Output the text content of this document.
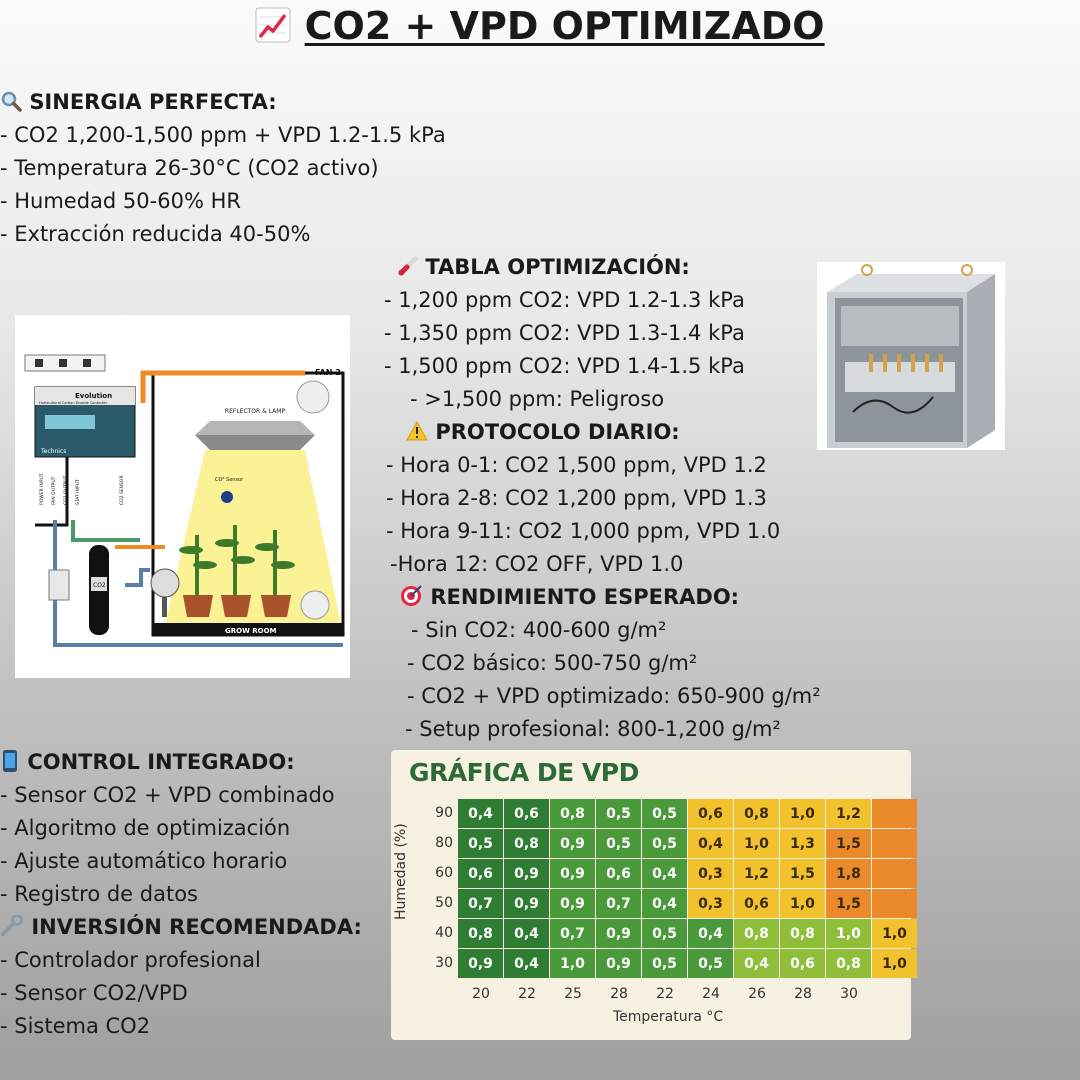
CO2 + VPD OPTIMIZADO
SINERGIA PERFECTA:
- CO2 1,200-1,500 ppm + VPD 1.2-1.5 kPa
- Temperatura 26-30°C (CO2 activo)
- Humedad 50-60% HR
- Extracción reducida 40-50%
TABLA OPTIMIZACIÓN:
- 1,200 ppm CO2: VPD 1.2-1.3 kPa
- 1,350 ppm CO2: VPD 1.3-1.4 kPa
- 1,500 ppm CO2: VPD 1.4-1.5 kPa
- >1,500 ppm: Peligroso
PROTOCOLO DIARIO:
- Hora 0-1: CO2 1,500 ppm, VPD 1.2
- Hora 2-8: CO2 1,200 ppm, VPD 1.3
- Hora 9-11: CO2 1,000 ppm, VPD 1.0
-Hora 12: CO2 OFF, VPD 1.0
RENDIMIENTO ESPERADO:
- Sin CO2: 400-600 g/m²
- CO2 básico: 500-750 g/m²
- CO2 + VPD optimizado: 650-900 g/m²
- Setup profesional: 800-1,200 g/m²
CONTROL INTEGRADO:
- Sensor CO2 + VPD combinado
- Algoritmo de optimización
- Ajuste automático horario
- Registro de datos
INVERSIÓN RECOMENDADA:
- Controlador profesional
- Sensor CO2/VPD
- Sistema CO2
REFLECTOR & LAMP
CO² Sensor
FAN 2
GROW ROOM
Evolution
Horticultural Carbon Dioxide Controller
Technics
POWER INPUT FAN OUTPUT CO2 OUTPUT STAT INPUT	CO2 SENSOR
CO2
GRÁFICA DE VPD
Humedad (%)
90
80
60
50
40
30
0,4	0,6	0,8	0,5	0,5	0,6	0,8	1,0	1,2
0,5	0,8	0,9	0,5	0,5	0,4	1,0	1,3	1,5
0,6	0,9	0,9	0,6	0,4	0,3	1,2	1,5	1,8
0,7	0,9	0,9	0,7	0,4	0,3	0,6	1,0	1,5
0,8	0,4	0,7	0,9	0,5	0,4	0,8	0,8	1,0	1,0
0,9	0,4	1,0	0,9	0,5	0,5	0,4	0,6	0,8	1,0
20	22	25	28	22	24	26	28	30
Temperatura °C
